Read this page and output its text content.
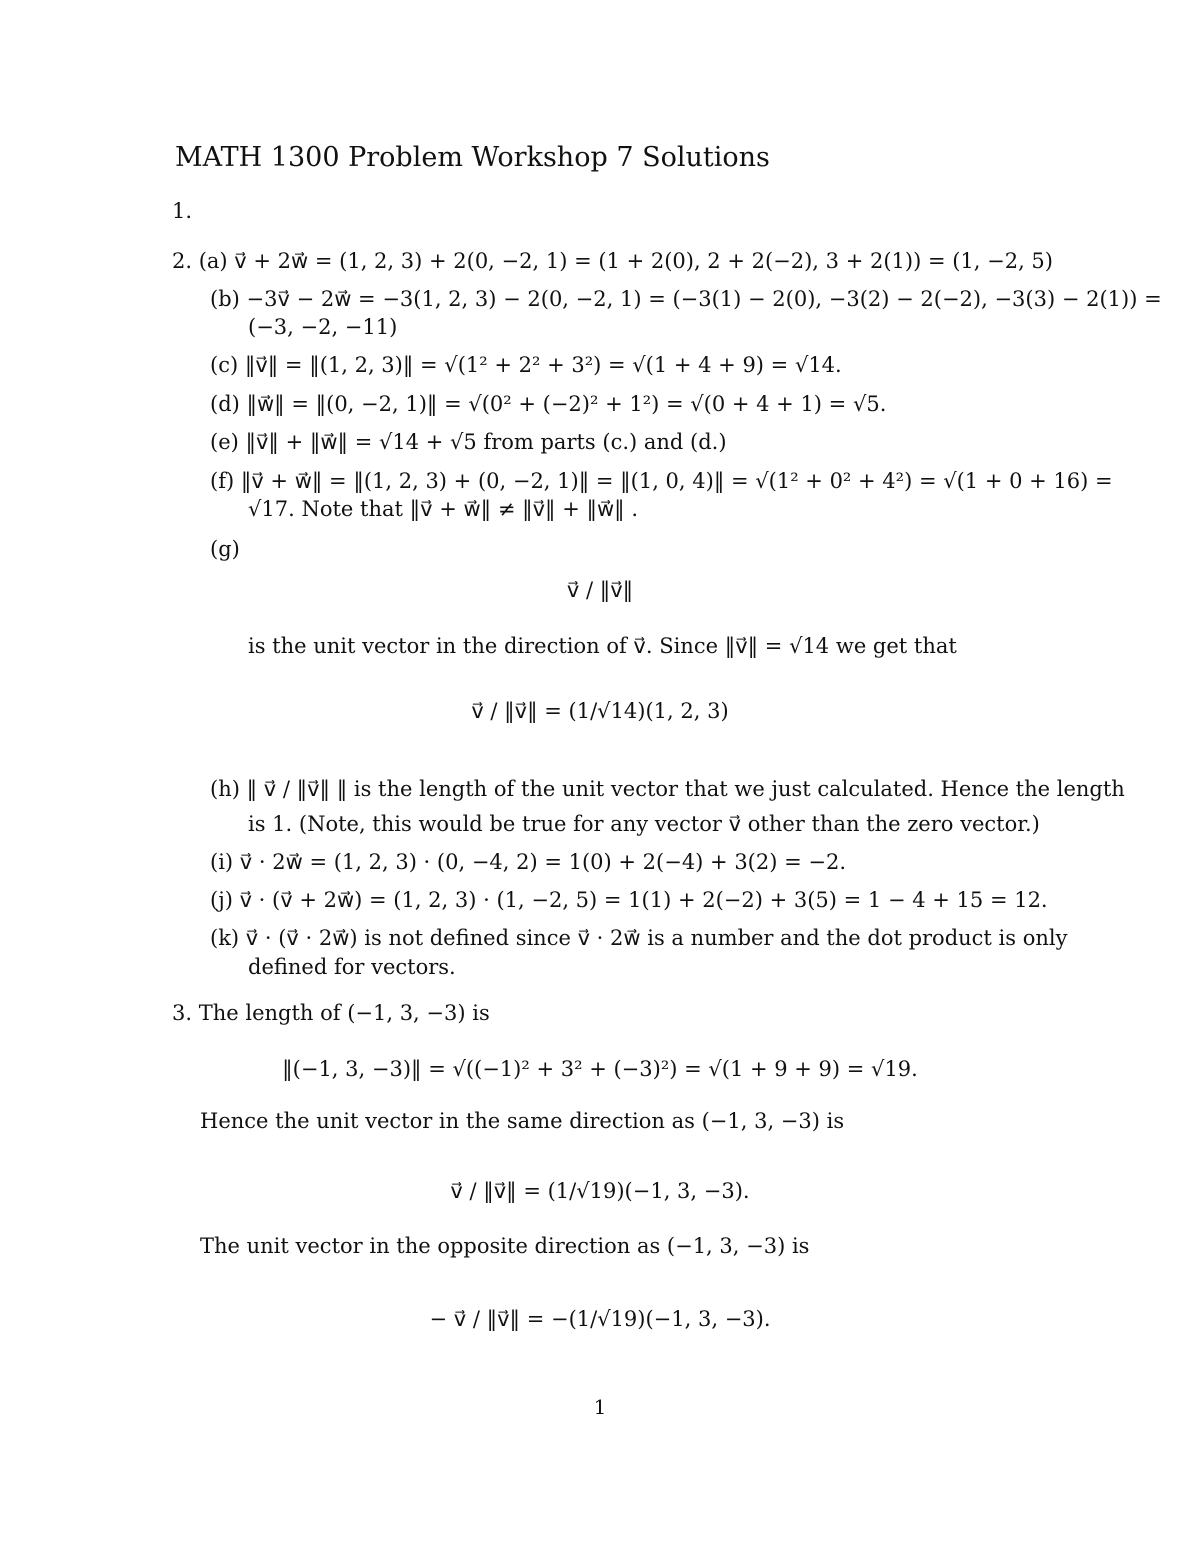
MATH 1300 Problem Workshop 7 Solutions
1.
2. (a) v⃗ + 2w⃗ = (1, 2, 3) + 2(0, −2, 1) = (1 + 2(0), 2 + 2(−2), 3 + 2(1)) = (1, −2, 5)
(b) −3v⃗ − 2w⃗ = −3(1, 2, 3) − 2(0, −2, 1) = (−3(1) − 2(0), −3(2) − 2(−2), −3(3) − 2(1)) =
(−3, −2, −11)
(c) ‖v⃗‖ = ‖(1, 2, 3)‖ = √(1² + 2² + 3²) = √(1 + 4 + 9) = √14.
(d) ‖w⃗‖ = ‖(0, −2, 1)‖ = √(0² + (−2)² + 1²) = √(0 + 4 + 1) = √5.
(e) ‖v⃗‖ + ‖w⃗‖ = √14 + √5 from parts (c.) and (d.)
(f) ‖v⃗ + w⃗‖ = ‖(1, 2, 3) + (0, −2, 1)‖ = ‖(1, 0, 4)‖ = √(1² + 0² + 4²) = √(1 + 0 + 16) =
√17. Note that ‖v⃗ + w⃗‖ ≠ ‖v⃗‖ + ‖w⃗‖ .
(g)
v⃗ / ‖v⃗‖
is the unit vector in the direction of v⃗. Since ‖v⃗‖ = √14 we get that
v⃗ / ‖v⃗‖ = (1/√14)(1, 2, 3)
(h) ‖ v⃗ / ‖v⃗‖ ‖ is the length of the unit vector that we just calculated. Hence the length
is 1. (Note, this would be true for any vector v⃗ other than the zero vector.)
(i) v⃗ · 2w⃗ = (1, 2, 3) · (0, −4, 2) = 1(0) + 2(−4) + 3(2) = −2.
(j) v⃗ · (v⃗ + 2w⃗) = (1, 2, 3) · (1, −2, 5) = 1(1) + 2(−2) + 3(5) = 1 − 4 + 15 = 12.
(k) v⃗ · (v⃗ · 2w⃗) is not defined since v⃗ · 2w⃗ is a number and the dot product is only
defined for vectors.
3. The length of (−1, 3, −3) is
‖(−1, 3, −3)‖ = √((−1)² + 3² + (−3)²) = √(1 + 9 + 9) = √19.
Hence the unit vector in the same direction as (−1, 3, −3) is
v⃗ / ‖v⃗‖ = (1/√19)(−1, 3, −3).
The unit vector in the opposite direction as (−1, 3, −3) is
− v⃗ / ‖v⃗‖ = −(1/√19)(−1, 3, −3).
1
